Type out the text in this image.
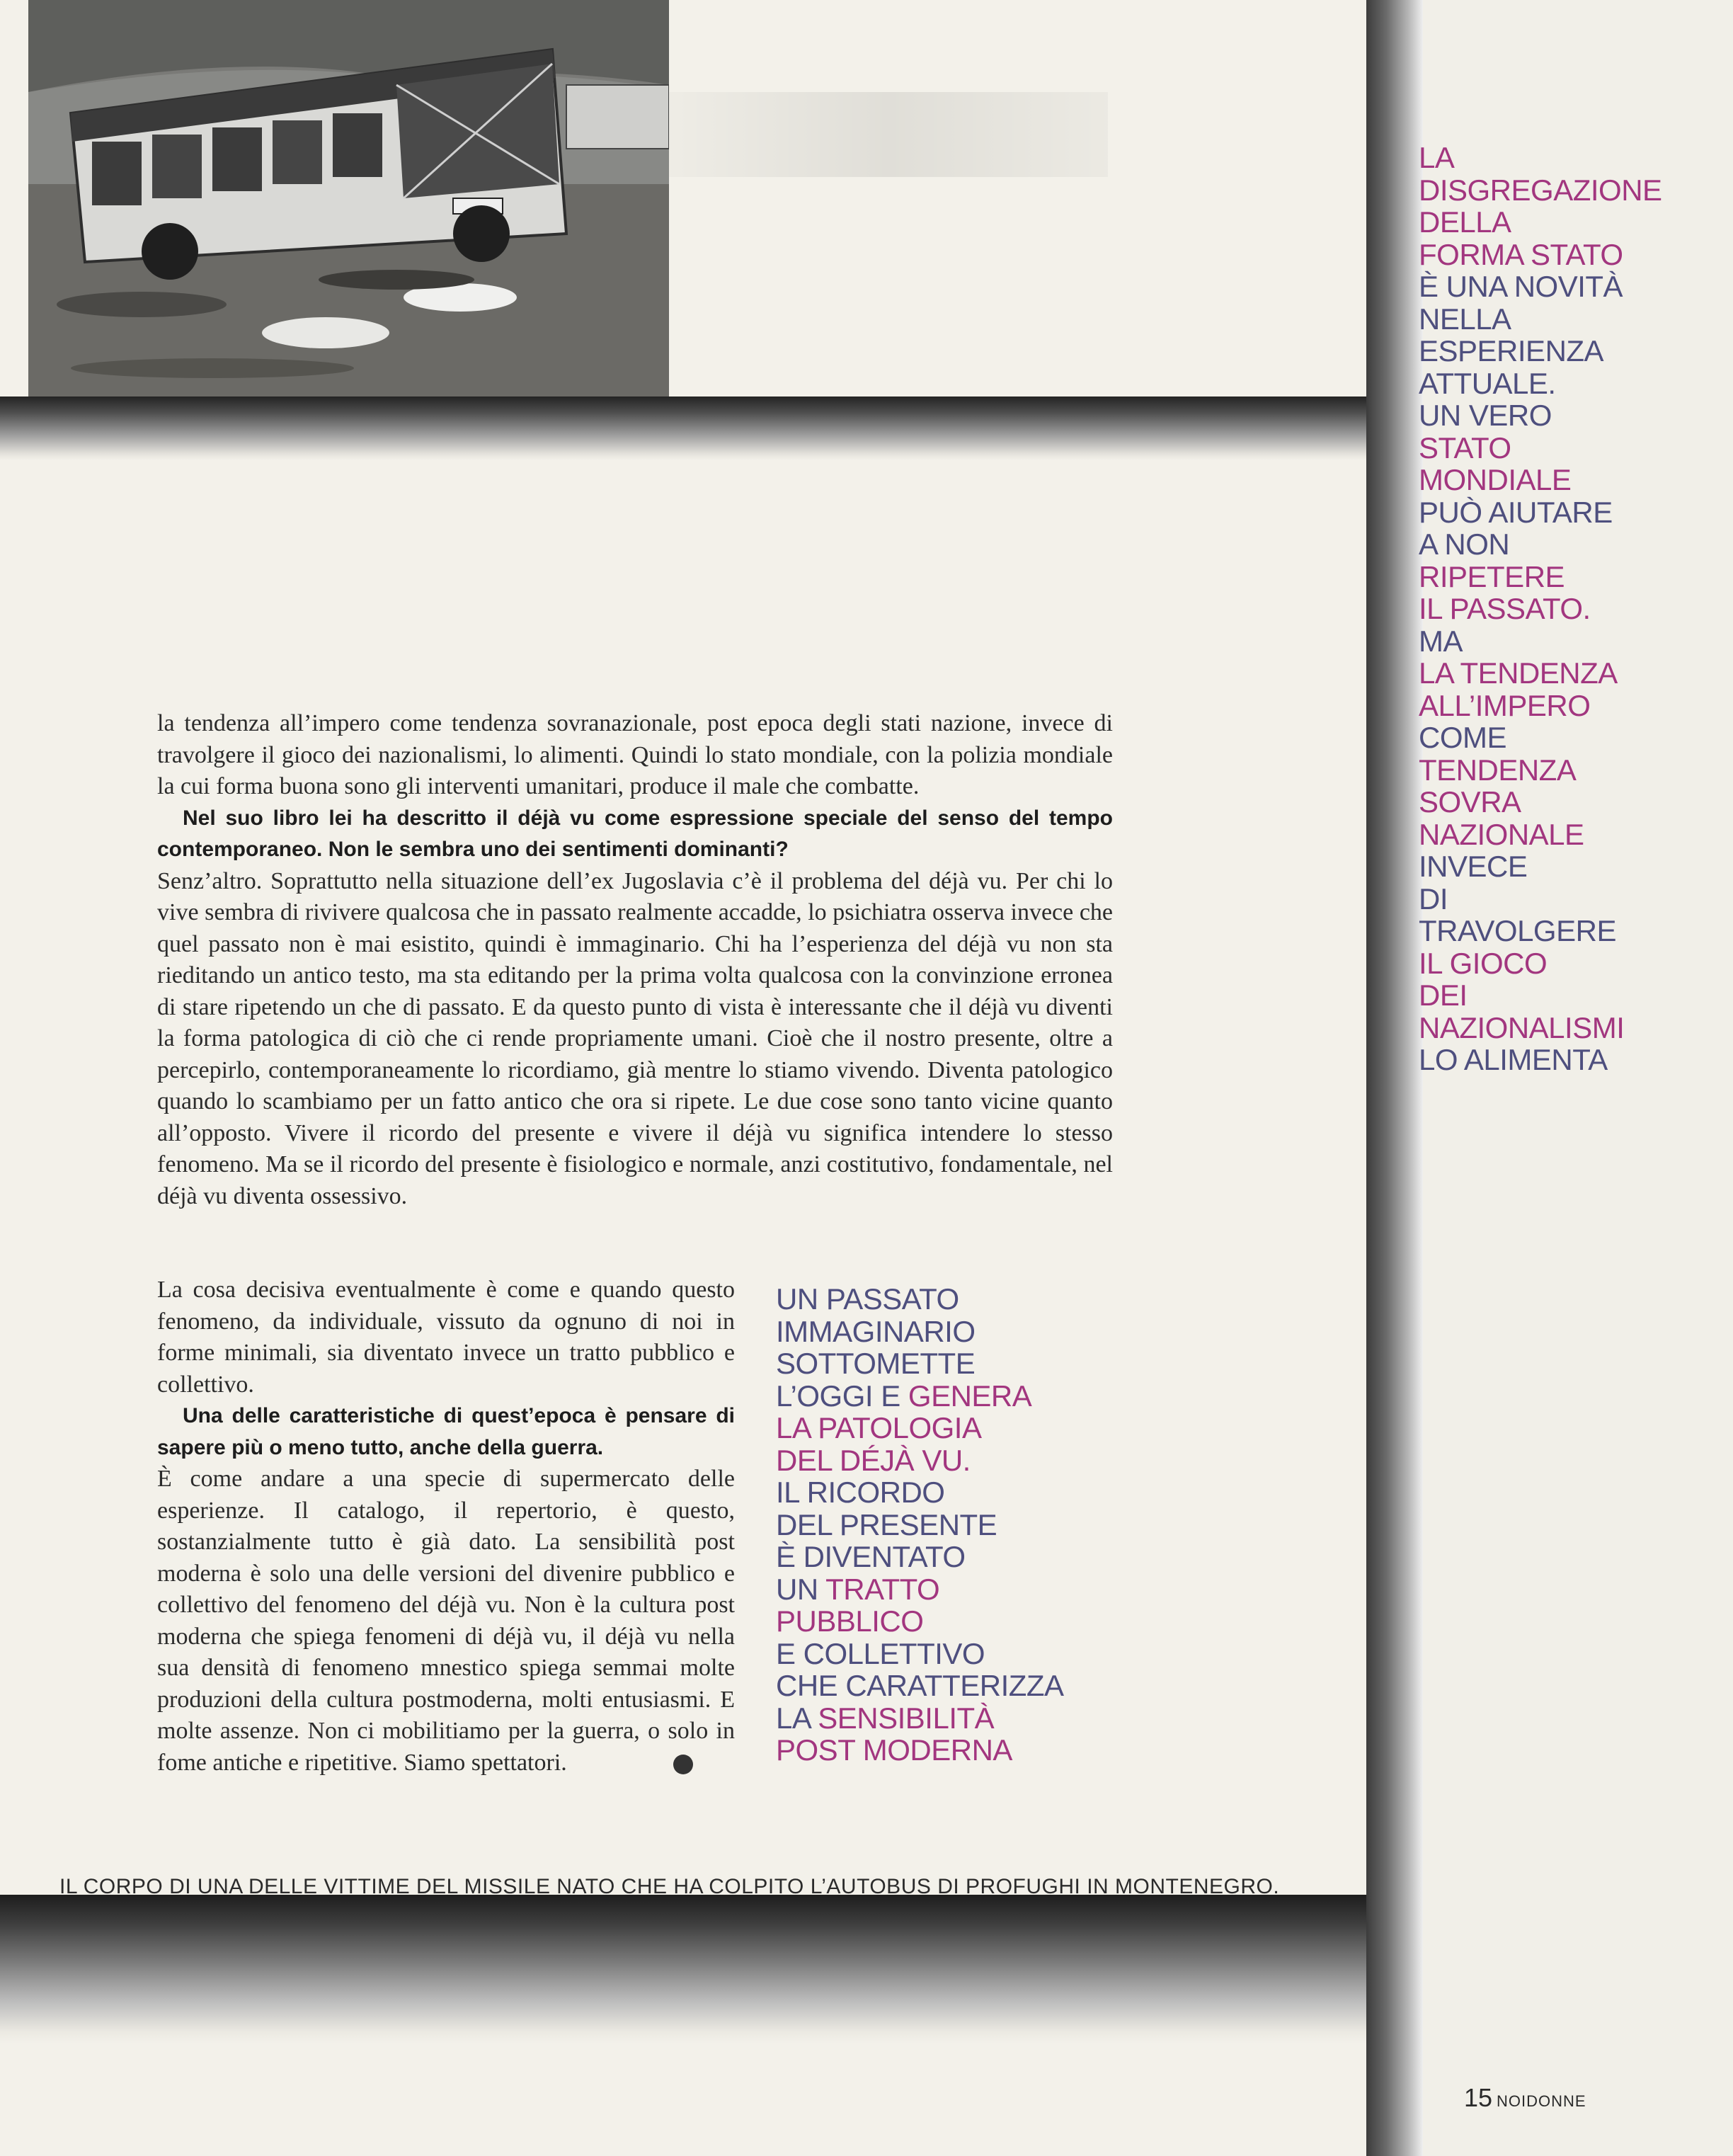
la tendenza all’impero come tendenza sovranazionale, post epoca degli stati nazione, invece di travolgere il gioco dei nazionalismi, lo alimenti. Quindi lo stato mondiale, con la polizia mondiale la cui forma buona sono gli interventi umanitari, produce il male che combatte.

Nel suo libro lei ha descritto il déjà vu come espressione speciale del senso del tempo contemporaneo. Non le sembra uno dei sentimenti dominanti?

Senz’altro. Soprattutto nella situazione dell’ex Jugoslavia c’è il problema del déjà vu. Per chi lo vive sembra di rivivere qualcosa che in passato realmente accadde, lo psichiatra osserva invece che quel passato non è mai esistito, quindi è immaginario. Chi ha l’esperienza del déjà vu non sta rieditando un antico testo, ma sta editando per la prima volta qualcosa con la convinzione erronea di stare ripetendo un che di passato. E da questo punto di vista è interessante che il déjà vu diventi la forma patologica di ciò che ci rende propriamente umani. Cioè che il nostro presente, oltre a percepirlo, contemporaneamente lo ricordiamo, già mentre lo stiamo vivendo. Diventa patologico quando lo scambiamo per un fatto antico che ora si ripete. Le due cose sono tanto vicine quanto all’opposto. Vivere il ricordo del presente e vivere il déjà vu significa intendere lo stesso fenomeno. Ma se il ricordo del presente è fisiologico e normale, anzi costitutivo, fondamentale, nel déjà vu diventa ossessivo.

La cosa decisiva eventualmente è come e quando questo fenomeno, da individuale, vissuto da ognuno di noi in forme minimali, sia diventato invece un tratto pubblico e collettivo.

Una delle caratteristiche di quest’epoca è pensare di sapere più o meno tutto, anche della guerra.

È come andare a una specie di supermercato delle esperienze. Il catalogo, il repertorio, è questo, sostanzialmente tutto è già dato. La sensibilità post moderna è solo una delle versioni del divenire pubblico e collettivo del fenomeno del déjà vu. Non è la cultura post moderna che spiega fenomeni di déjà vu, il déjà vu nella sua densità di fenomeno mnestico spiega semmai molte produzioni della cultura postmoderna, molti entusiasmi. E molte assenze. Non ci mobilitiamo per la guerra, o solo in fome antiche e ripetitive. Siamo spettatori.

UN PASSATO
IMMAGINARIO
SOTTOMETTE
L’OGGI E GENERA
LA PATOLOGIA
DEL DÉJÀ VU.
IL RICORDO
DEL PRESENTE
È DIVENTATO
UN TRATTO
PUBBLICO
E COLLETTIVO
CHE CARATTERIZZA
LA SENSIBILITÀ
POST MODERNA
LA
DISGREGAZIONE
DELLA
FORMA STATO
È UNA NOVITÀ
NELLA
ESPERIENZA
ATTUALE.
UN VERO
STATO
MONDIALE
PUÒ AIUTARE
A NON
RIPETERE
IL PASSATO.
MA
LA TENDENZA
ALL’IMPERO
COME
TENDENZA
SOVRA
NAZIONALE
INVECE
DI
TRAVOLGERE
IL GIOCO
DEI
NAZIONALISMI
LO ALIMENTA
IL CORPO DI UNA DELLE VITTIME DEL MISSILE NATO CHE HA COLPITO L’AUTOBUS DI PROFUGHI IN MONTENEGRO.
15 NOIDONNE
